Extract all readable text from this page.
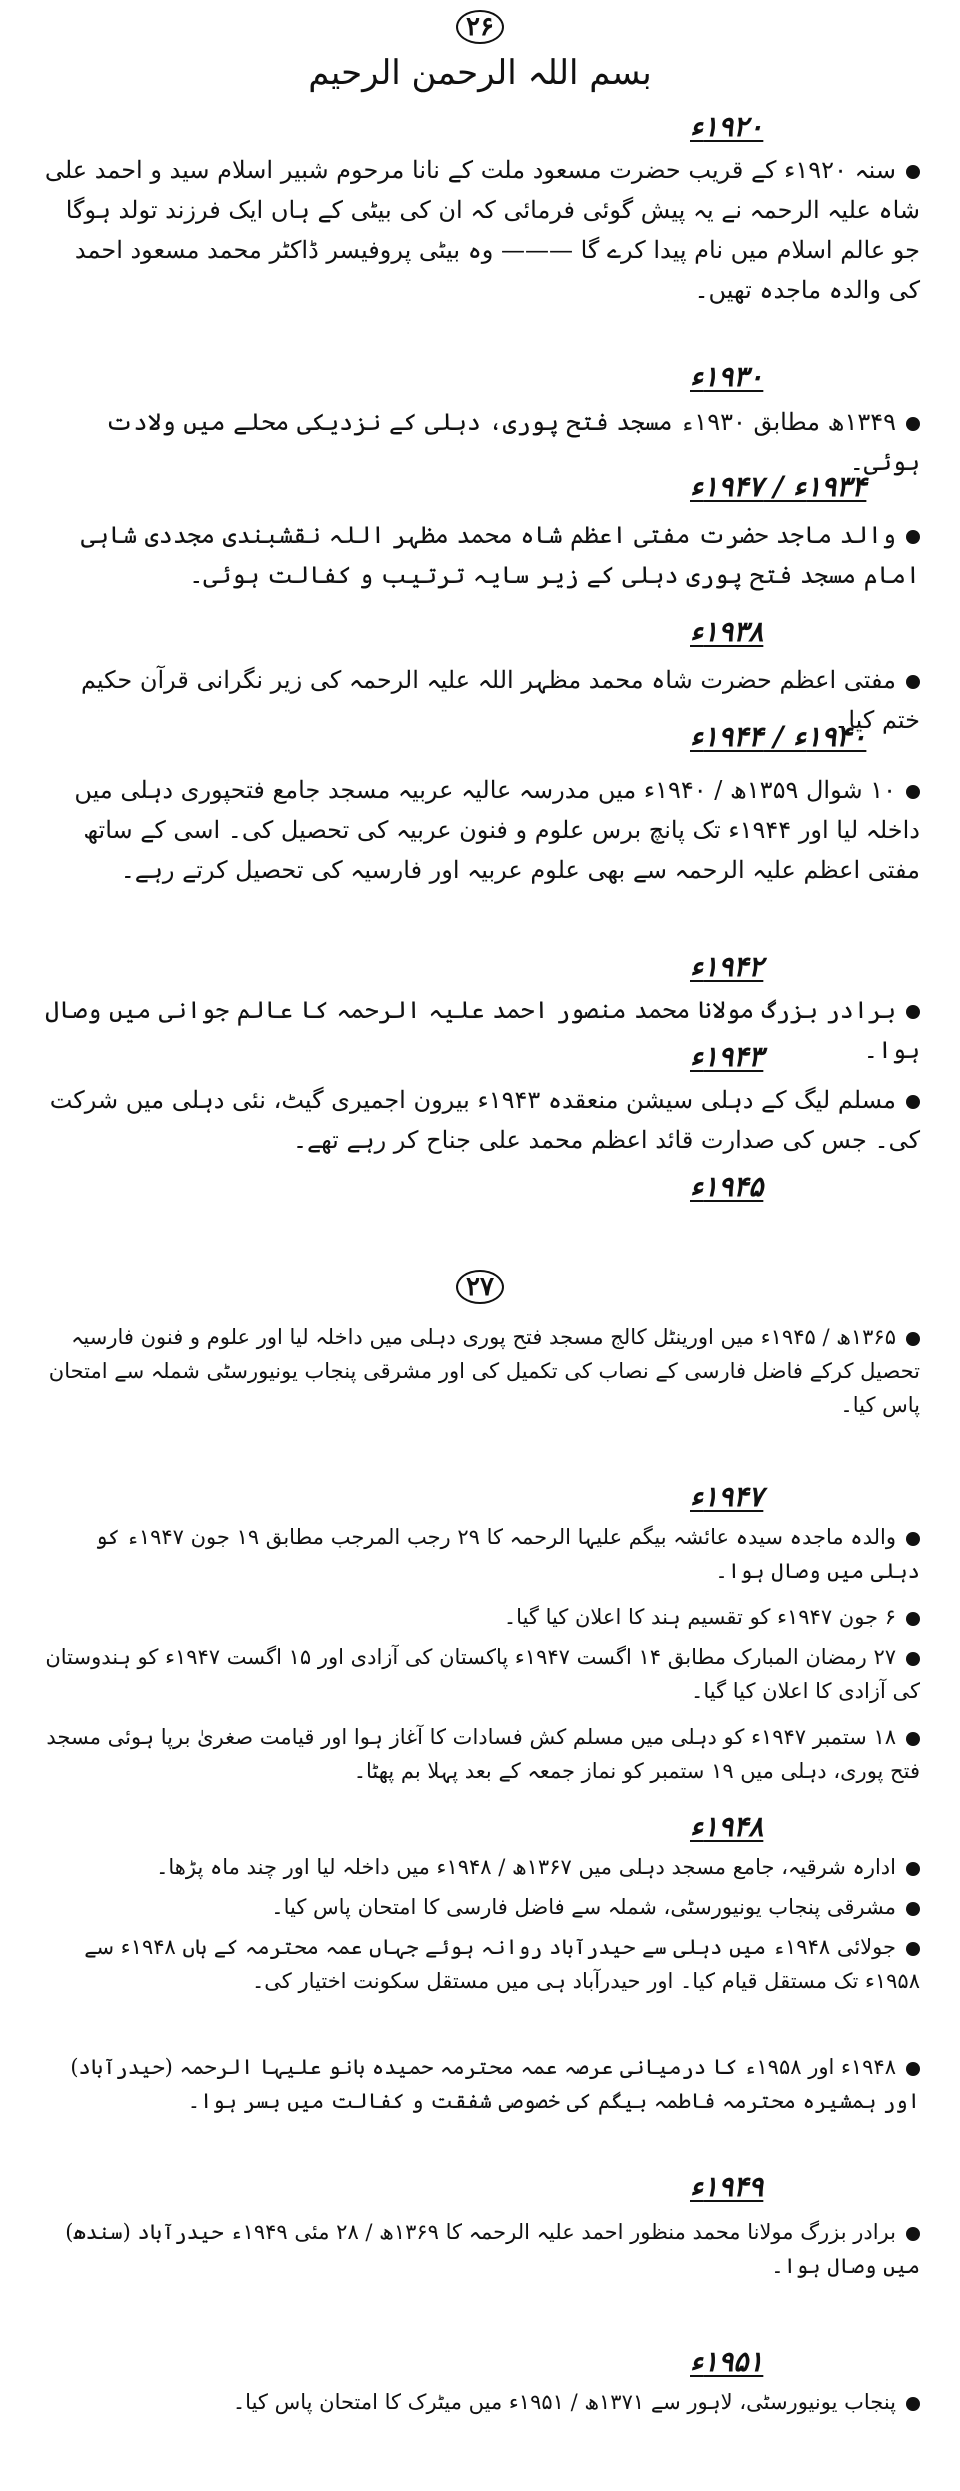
۲۶
بسم اللہ الرحمن الرحیم
۱۹۲۰ء
سنہ ۱۹۲۰ء کے قریب حضرت مسعود ملت کے نانا مرحوم شبیر اسلام سید و احمد علی شاہ علیہ الرحمہ نے یہ پیش گوئی فرمائی کہ ان کی بیٹی کے ہاں ایک فرزند تولد ہوگا جو عالم اسلام میں نام پیدا کرے گا ——— وہ بیٹی پروفیسر ڈاکٹر محمد مسعود احمد کی والدہ ماجدہ تھیں۔
۱۹۳۰ء
۱۳۴۹ھ مطابق ۱۹۳۰ء مسجد فتح پوری، دہلی کے نزدیکی محلے میں ولادت ہوئی۔
۱۹۳۴ء / ۱۹۴۷ء
والد ماجد حضرت مفتی اعظم شاہ محمد مظہر اللہ نقشبندی مجددی شاہی امام مسجد فتح پوری دہلی کے زیر سایہ ترتیب و کفالت ہوئی۔
۱۹۳۸ء
مفتی اعظم حضرت شاہ محمد مظہر اللہ علیہ الرحمہ کی زیر نگرانی قرآن حکیم ختم کیا۔
۱۹۴۰ء / ۱۹۴۴ء
۱۰ شوال ۱۳۵۹ھ / ۱۹۴۰ء میں مدرسہ عالیہ عربیہ مسجد جامع فتحپوری دہلی میں داخلہ لیا اور ۱۹۴۴ء تک پانچ برس علوم و فنون عربیہ کی تحصیل کی۔ اسی کے ساتھ مفتی اعظم علیہ الرحمہ سے بھی علوم عربیہ اور فارسیہ کی تحصیل کرتے رہے۔
۱۹۴۲ء
برادر بزرگ مولانا محمد منصور احمد علیہ الرحمہ کا عالم جوانی میں وصال ہوا۔
۱۹۴۳ء
مسلم لیگ کے دہلی سیشن منعقدہ ۱۹۴۳ء بیرون اجمیری گیٹ، نئی دہلی میں شرکت کی۔ جس کی صدارت قائد اعظم محمد علی جناح کر رہے تھے۔
۱۹۴۵ء
۲۷
۱۳۶۵ھ / ۱۹۴۵ء میں اورینٹل کالج مسجد فتح پوری دہلی میں داخلہ لیا اور علوم و فنون فارسیہ تحصیل کرکے فاضل فارسی کے نصاب کی تکمیل کی اور مشرقی پنجاب یونیورسٹی شملہ سے امتحان پاس کیا۔
۱۹۴۷ء
والدہ ماجدہ سیدہ عائشہ بیگم علیہا الرحمہ کا ۲۹ رجب المرجب مطابق ۱۹ جون ۱۹۴۷ء کو دہلی میں وصال ہوا۔
۶ جون ۱۹۴۷ء کو تقسیم ہند کا اعلان کیا گیا۔
۲۷ رمضان المبارک مطابق ۱۴ اگست ۱۹۴۷ء پاکستان کی آزادی اور ۱۵ اگست ۱۹۴۷ء کو ہندوستان کی آزادی کا اعلان کیا گیا۔
۱۸ ستمبر ۱۹۴۷ء کو دہلی میں مسلم کش فسادات کا آغاز ہوا اور قیامت صغریٰ برپا ہوئی مسجد فتح پوری، دہلی میں ۱۹ ستمبر کو نماز جمعہ کے بعد پہلا بم پھٹا۔
۱۹۴۸ء
ادارہ شرقیہ، جامع مسجد دہلی میں ۱۳۶۷ھ / ۱۹۴۸ء میں داخلہ لیا اور چند ماہ پڑھا۔
مشرقی پنجاب یونیورسٹی، شملہ سے فاضل فارسی کا امتحان پاس کیا۔
جولائی ۱۹۴۸ء میں دہلی سے حیدرآباد روانہ ہوئے جہاں عمہ محترمہ کے ہاں ۱۹۴۸ء سے ۱۹۵۸ء تک مستقل قیام کیا۔ اور حیدرآباد ہی میں مستقل سکونت اختیار کی۔
۱۹۴۸ء اور ۱۹۵۸ء کا درمیانی عرصہ عمہ محترمہ حمیدہ بانو علیہا الرحمہ (حیدرآباد) اور ہمشیرہ محترمہ فاطمہ بیگم کی خصوصی شفقت و کفالت میں بسر ہوا۔
۱۹۴۹ء
برادر بزرگ مولانا محمد منظور احمد علیہ الرحمہ کا ۱۳۶۹ھ / ۲۸ مئی ۱۹۴۹ء حیدرآباد (سندھ) میں وصال ہوا۔
۱۹۵۱ء
پنجاب یونیورسٹی، لاہور سے ۱۳۷۱ھ / ۱۹۵۱ء میں میٹرک کا امتحان پاس کیا۔
